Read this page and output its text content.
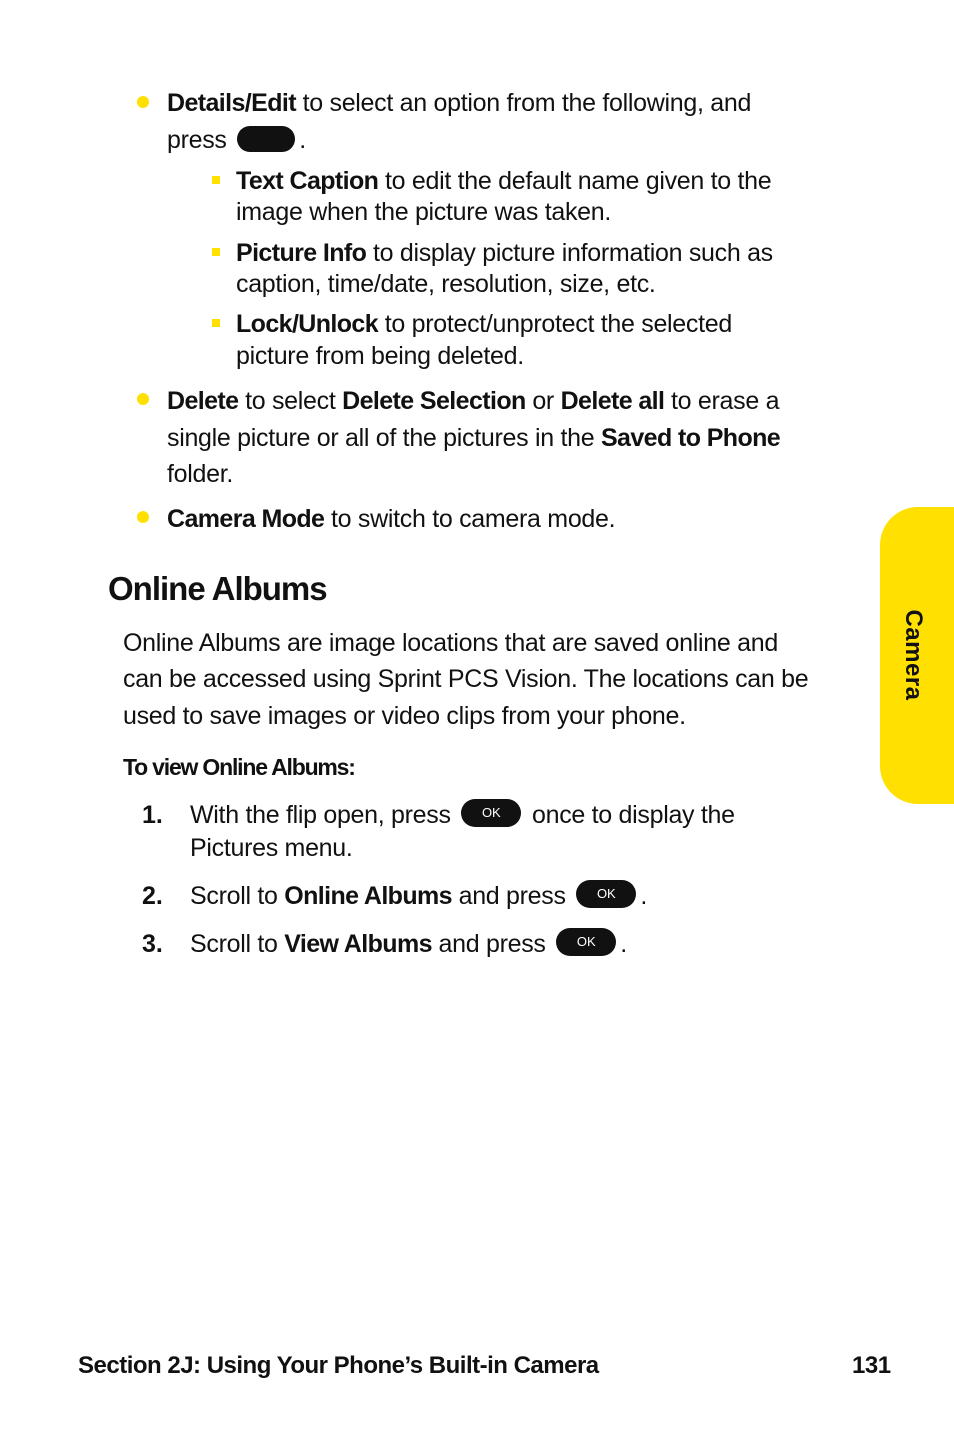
Details/Edit to select an option from the following, and
press	.
Text Caption to edit the default name given to the
image when the picture was taken.
Picture Info to display picture information such as
caption, time/date, resolution, size, etc.
Lock/Unlock to protect/unprotect the selected
picture from being deleted.
Delete to select Delete Selection or Delete all to erase a
single picture or all of the pictures in the Saved to Phone
folder.
Camera Mode to switch to camera mode.
Online Albums
Online Albums are image locations that are saved online and
can be accessed using Sprint PCS Vision. The locations can be
used to save images or video clips from your phone.
To view Online Albums:
1. With the flip open, press OK once to display the
Pictures menu.
2. Scroll to Online Albums and press OK .
3. Scroll to View Albums and press OK .
Camera
Section 2J: Using Your Phone’s Built-in Camera	131
